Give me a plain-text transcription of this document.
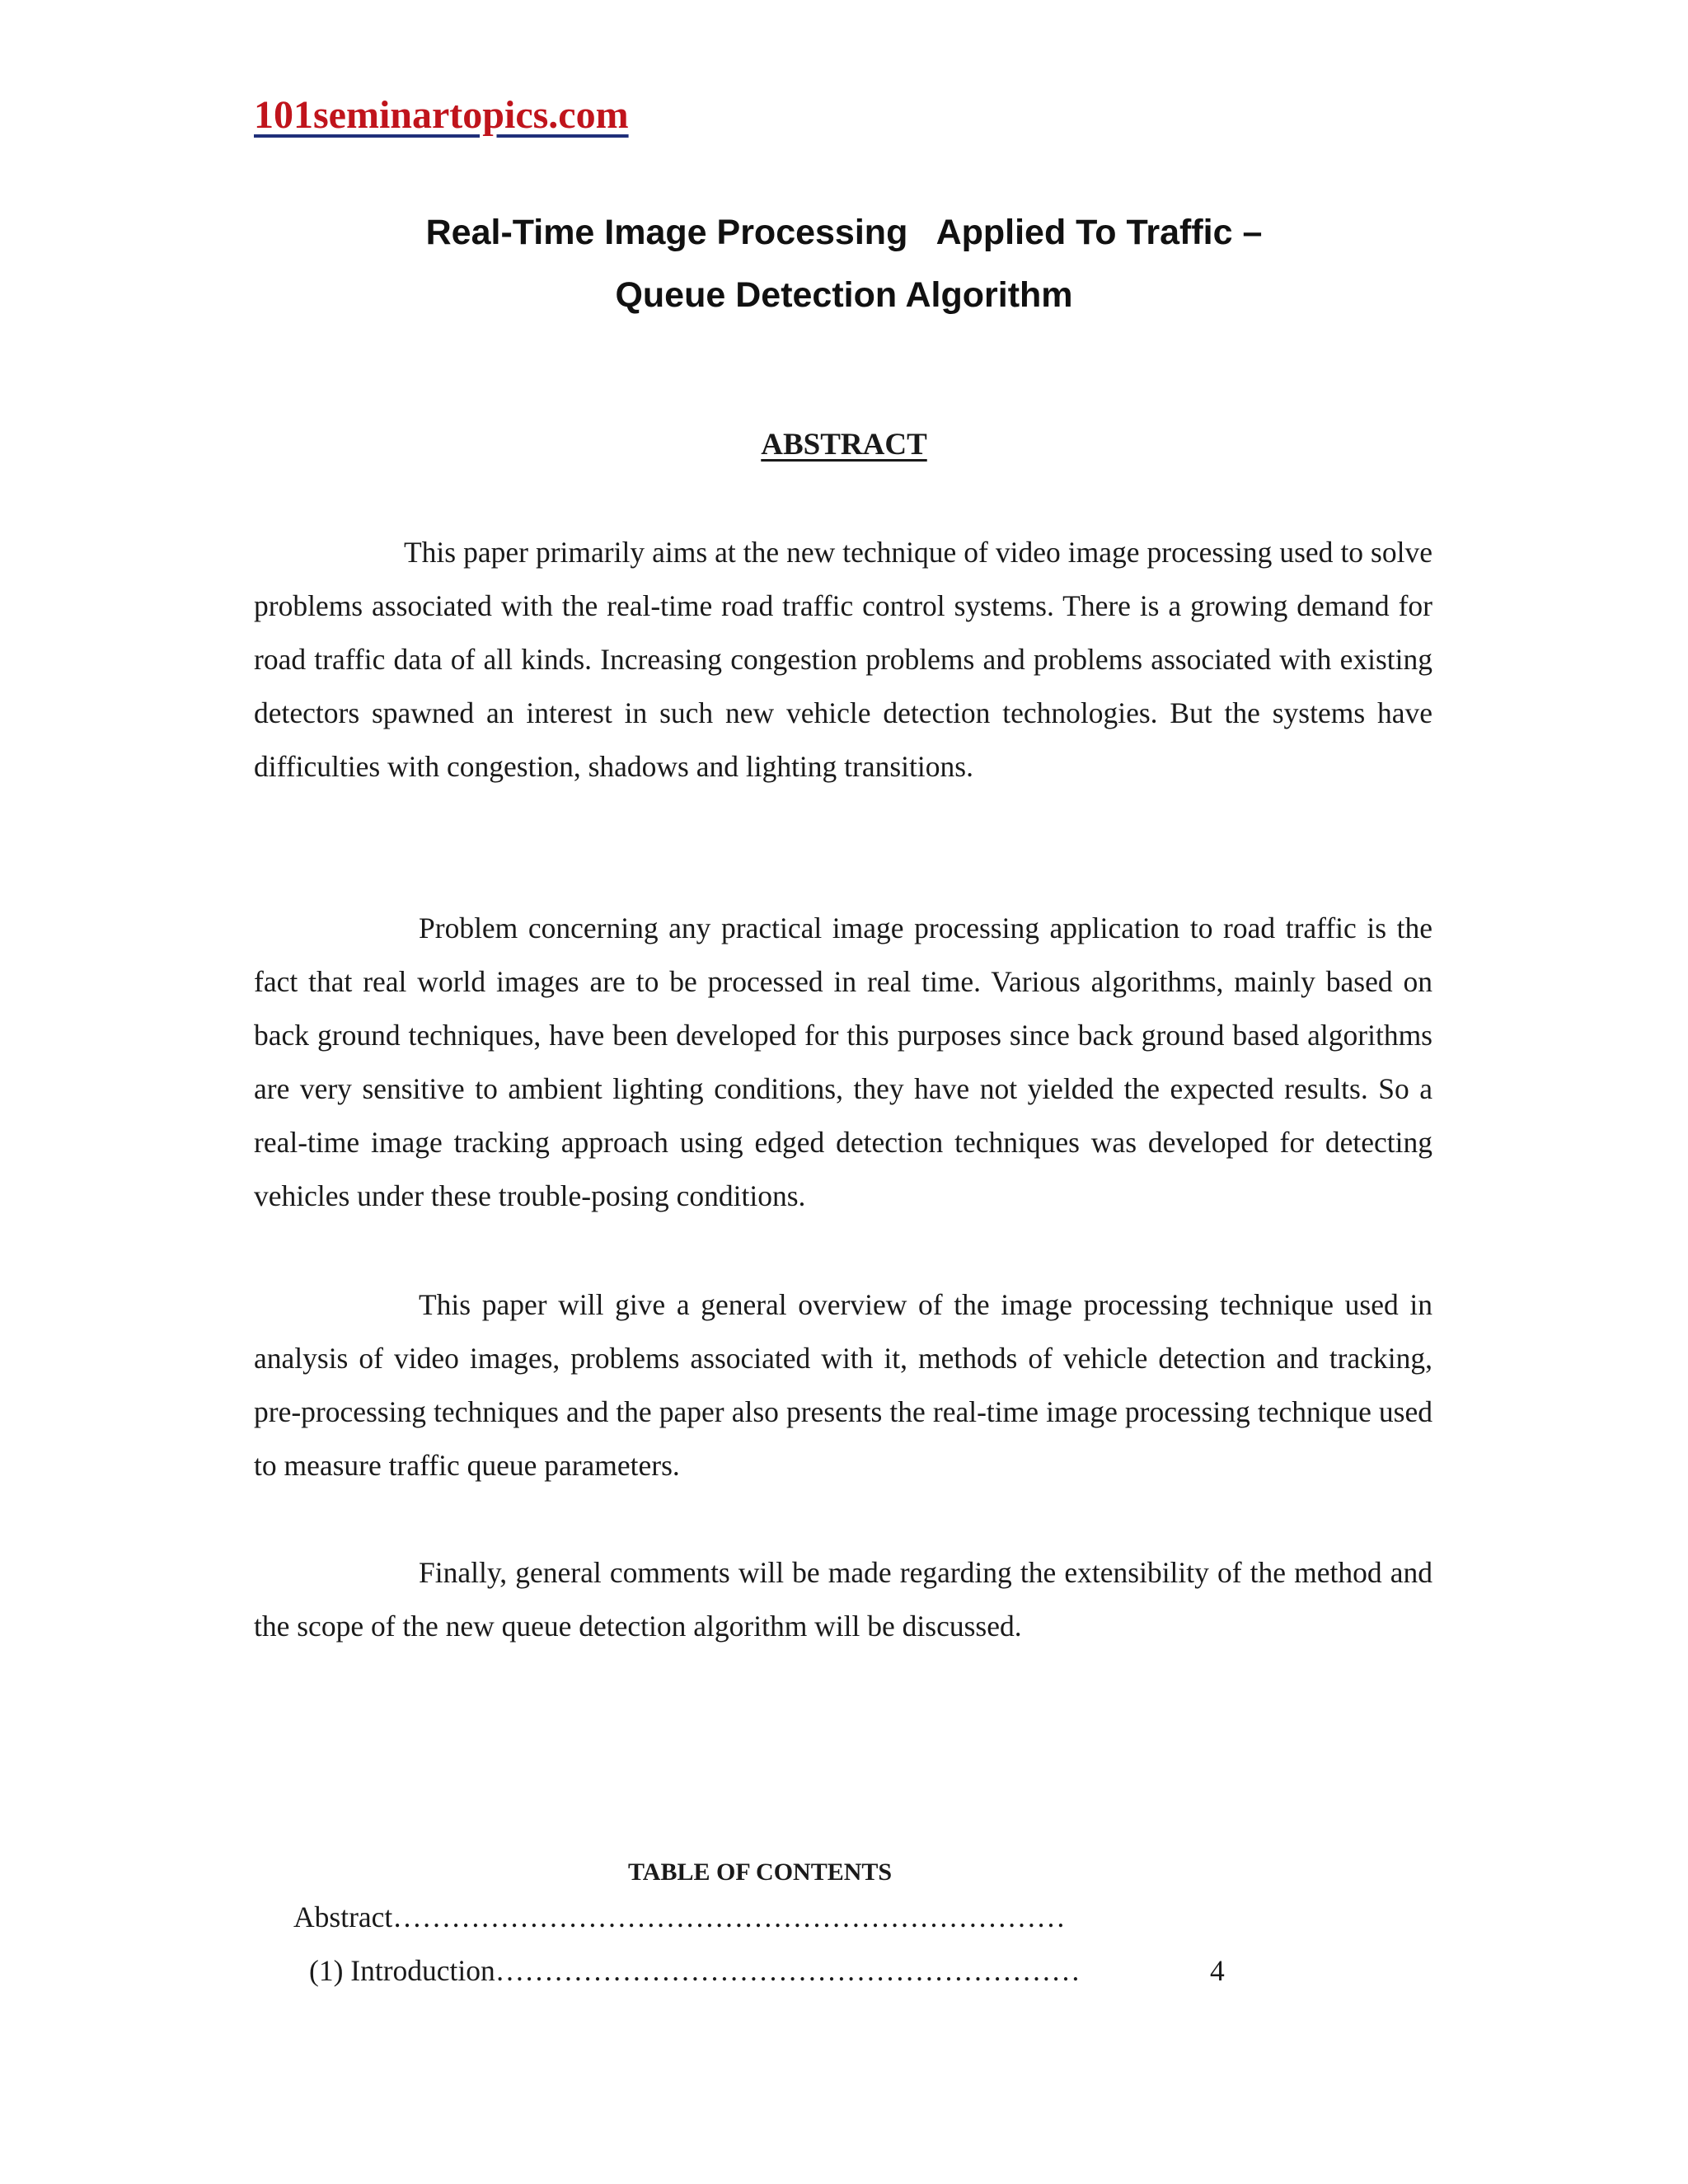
101seminartopics.com
Real-Time Image Processing   Applied To Traffic –
Queue Detection Algorithm
ABSTRACT

This paper primarily aims at the new technique of video image processing used to solve problems associated with the real-time road traffic control systems. There is a growing demand for road traffic data of all kinds. Increasing congestion problems and problems associated with existing detectors spawned an interest in such new vehicle detection technologies. But the systems have difficulties with congestion, shadows and lighting transitions.

Problem concerning any practical image processing application to road traffic is the fact that real world images are to be processed in real time. Various algorithms, mainly based on back ground techniques, have been developed for this purposes since back ground based algorithms are very sensitive to ambient lighting conditions, they have not yielded the expected results. So a real-time image tracking approach using edged detection techniques was developed for detecting vehicles under these trouble-posing conditions.

This paper will give a general overview of the image processing technique used in analysis of video images, problems associated with it, methods of vehicle detection and tracking, pre-processing techniques and the paper also presents the real-time image processing technique used to measure traffic queue parameters.

Finally, general comments will be made regarding the extensibility of the method and the scope of the new queue detection algorithm will be discussed.

TABLE OF CONTENTS
Abstract……………………………………………………………
(1) Introduction……………………………………………………	4
